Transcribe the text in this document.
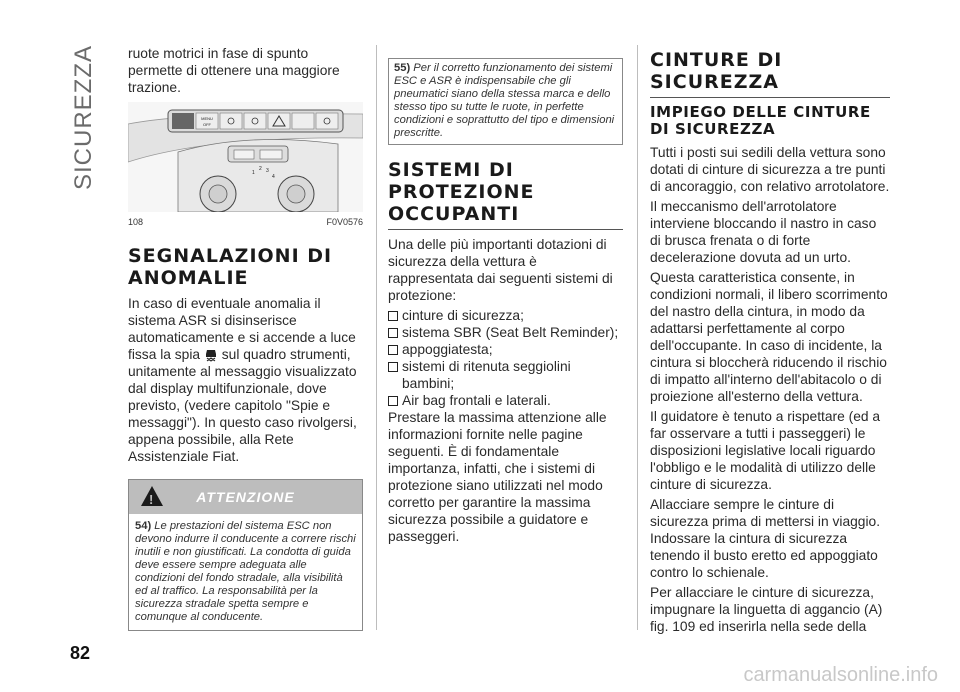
SICUREZZA ruote motrici in fase di spunto permette di ottenere una maggiore trazione.

MENU
OFF
1
2 3
4
108	F0V0576
SEGNALAZIONI DI ANOMALIE

In caso di eventuale anomalia il sistema ASR si disinserisce automaticamente e si accende a luce fissa la spia sul quadro strumenti, unitamente al messaggio visualizzato dal display multifunzionale, dove previsto, (vedere capitolo "Spie e messaggi"). In questo caso rivolgersi, appena possibile, alla Rete Assistenziale Fiat.

!
ATTENZIONE
54) Le prestazioni del sistema ESC non devono indurre il conducente a correre rischi inutili e non giustificati. La condotta di guida deve essere sempre adeguata alle condizioni del fondo stradale, alla visibilità ed al traffico. La responsabilità per la sicurezza stradale spetta sempre e comunque al conducente.
55) Per il corretto funzionamento dei sistemi ESC e ASR è indispensabile che gli pneumatici siano della stessa marca e dello stesso tipo su tutte le ruote, in perfette condizioni e soprattutto del tipo e dimensioni prescritte.
SISTEMI DI PROTEZIONE OCCUPANTI

Una delle più importanti dotazioni di sicurezza della vettura è rappresentata dai seguenti sistemi di protezione:

cinture di sicurezza;
sistema SBR (Seat Belt Reminder);
appoggiatesta;
sistemi di ritenuta seggiolini bambini;
Air bag frontali e laterali.

Prestare la massima attenzione alle informazioni fornite nelle pagine seguenti. È di fondamentale importanza, infatti, che i sistemi di protezione siano utilizzati nel modo corretto per garantire la massima sicurezza possibile a guidatore e passeggeri.

CINTURE DI SICUREZZA
IMPIEGO DELLE CINTURE DI SICUREZZA

Tutti i posti sui sedili della vettura sono dotati di cinture di sicurezza a tre punti di ancoraggio, con relativo arrotolatore.

Il meccanismo dell'arrotolatore interviene bloccando il nastro in caso di brusca frenata o di forte decelerazione dovuta ad un urto.

Questa caratteristica consente, in condizioni normali, il libero scorrimento del nastro della cintura, in modo da adattarsi perfettamente al corpo dell'occupante. In caso di incidente, la cintura si bloccherà riducendo il rischio di impatto all'interno dell'abitacolo o di proiezione all'esterno della vettura.

Il guidatore è tenuto a rispettare (ed a far osservare a tutti i passeggeri) le disposizioni legislative locali riguardo l'obbligo e le modalità di utilizzo delle cinture di sicurezza.

Allacciare sempre le cinture di sicurezza prima di mettersi in viaggio. Indossare la cintura di sicurezza tenendo il busto eretto ed appoggiato contro lo schienale.

Per allacciare le cinture di sicurezza, impugnare la linguetta di aggancio (A) fig. 109 ed inserirla nella sede della

82
carmanualsonline.info
